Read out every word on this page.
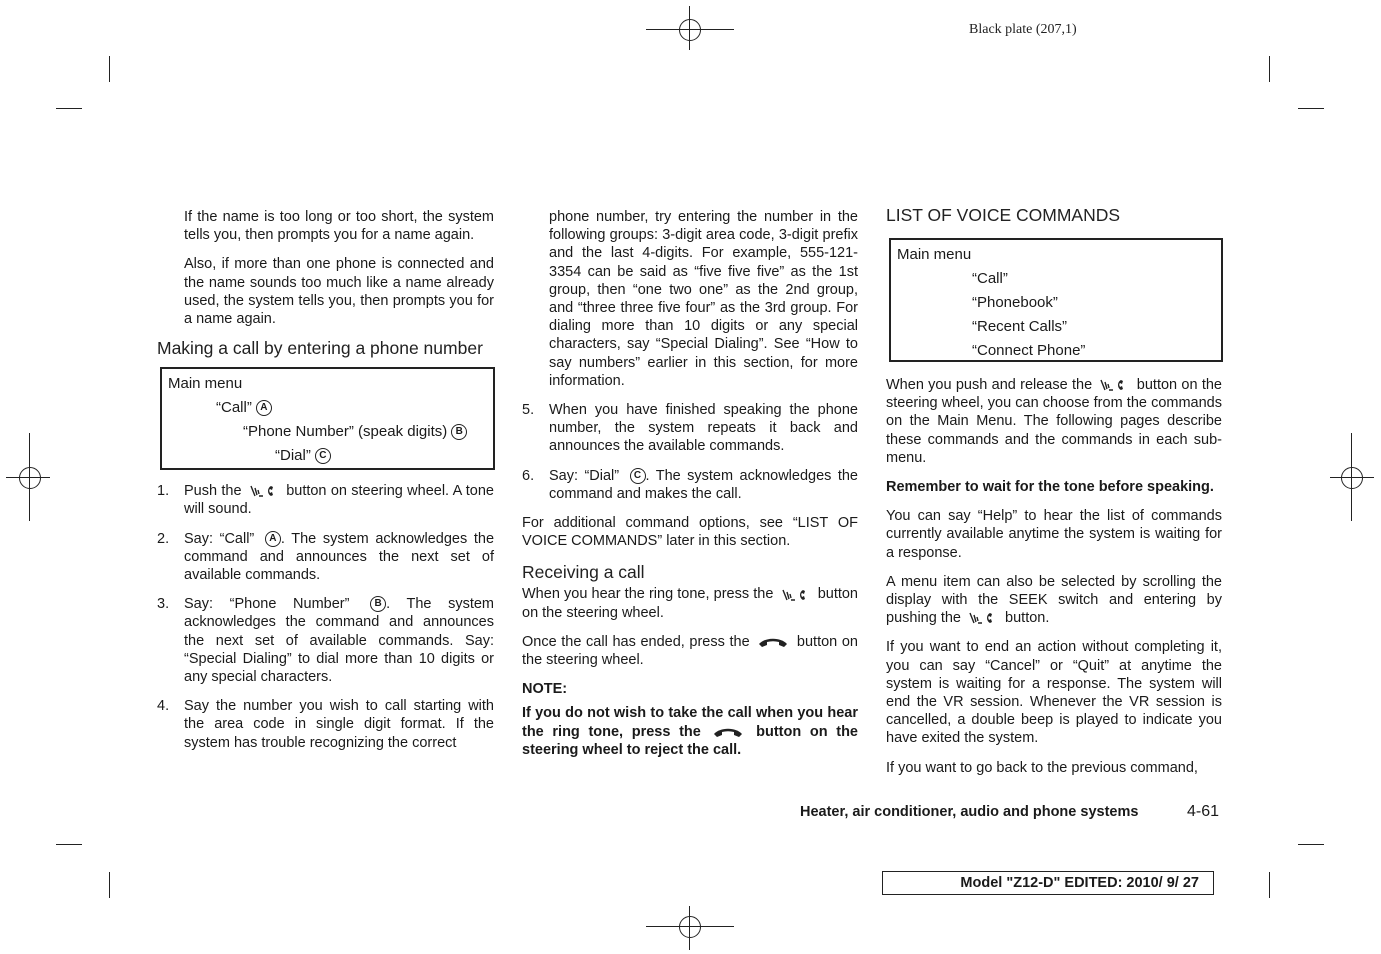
Black plate (207,1)

If the name is too long or too short, the system tells you, then prompts you for a name again.

Also, if more than one phone is connected and the name sounds too much like a name already used, the system tells you, then prompts you for a name again.

Making a call by entering a phone number
Main menu
“Call” A
“Phone Number” (speak digits) B
“Dial” C
1.	Push the	button on steering wheel. A tone will sound.
2.	Say: “Call” A . The system acknowledges the command and announces the next set of available commands.
3.	Say: “Phone Number”	B . The system acknowledges the command and announces the next set of available commands. Say: “Special Dialing” to dial more than 10 digits or any special characters.
4.	Say the number you wish to call starting with the area code in single digit format. If the system has trouble recognizing the correct

phone number, try entering the number in the following groups: 3-digit area code, 3-digit prefix and the last 4-digits. For example, 555-121-3354 can be said as “five five five” as the 1st group, then “one two one” as the 2nd group, and “three three five four” as the 3rd group. For dialing more than 10 digits or any special characters, say “Special Dialing”. See “How to say numbers” earlier in this section, for more information.

5.	When you have finished speaking the phone number, the system repeats it back and announces the available commands.
6.	Say: “Dial” C . The system acknowledges the command and makes the call.

For additional command options, see “LIST OF VOICE COMMANDS” later in this section.

Receiving a call

When you hear the ring tone, press the	button on the steering wheel.

Once the call has ended, press the	button on the steering wheel.

NOTE:

If you do not wish to take the call when you hear the ring tone, press the	button on the steering wheel to reject the call.

LIST OF VOICE COMMANDS
Main menu
“Call”
“Phonebook”
“Recent Calls”
“Connect Phone”

When you push and release the	button on the steering wheel, you can choose from the commands on the Main Menu. The following pages describe these commands and the commands in each sub-menu.

Remember to wait for the tone before speaking.

You can say “Help” to hear the list of commands currently available anytime the system is waiting for a response.

A menu item can also be selected by scrolling the display with the SEEK switch and entering by pushing the	button.

If you want to end an action without completing it, you can say “Cancel” or “Quit” at anytime the system is waiting for a response. The system will end the VR session. Whenever the VR session is cancelled, a double beep is played to indicate you have exited the system.

If you want to go back to the previous command,

Heater, air conditioner, audio and phone systems	4-61
Model "Z12-D" EDITED: 2010/ 9/ 27
